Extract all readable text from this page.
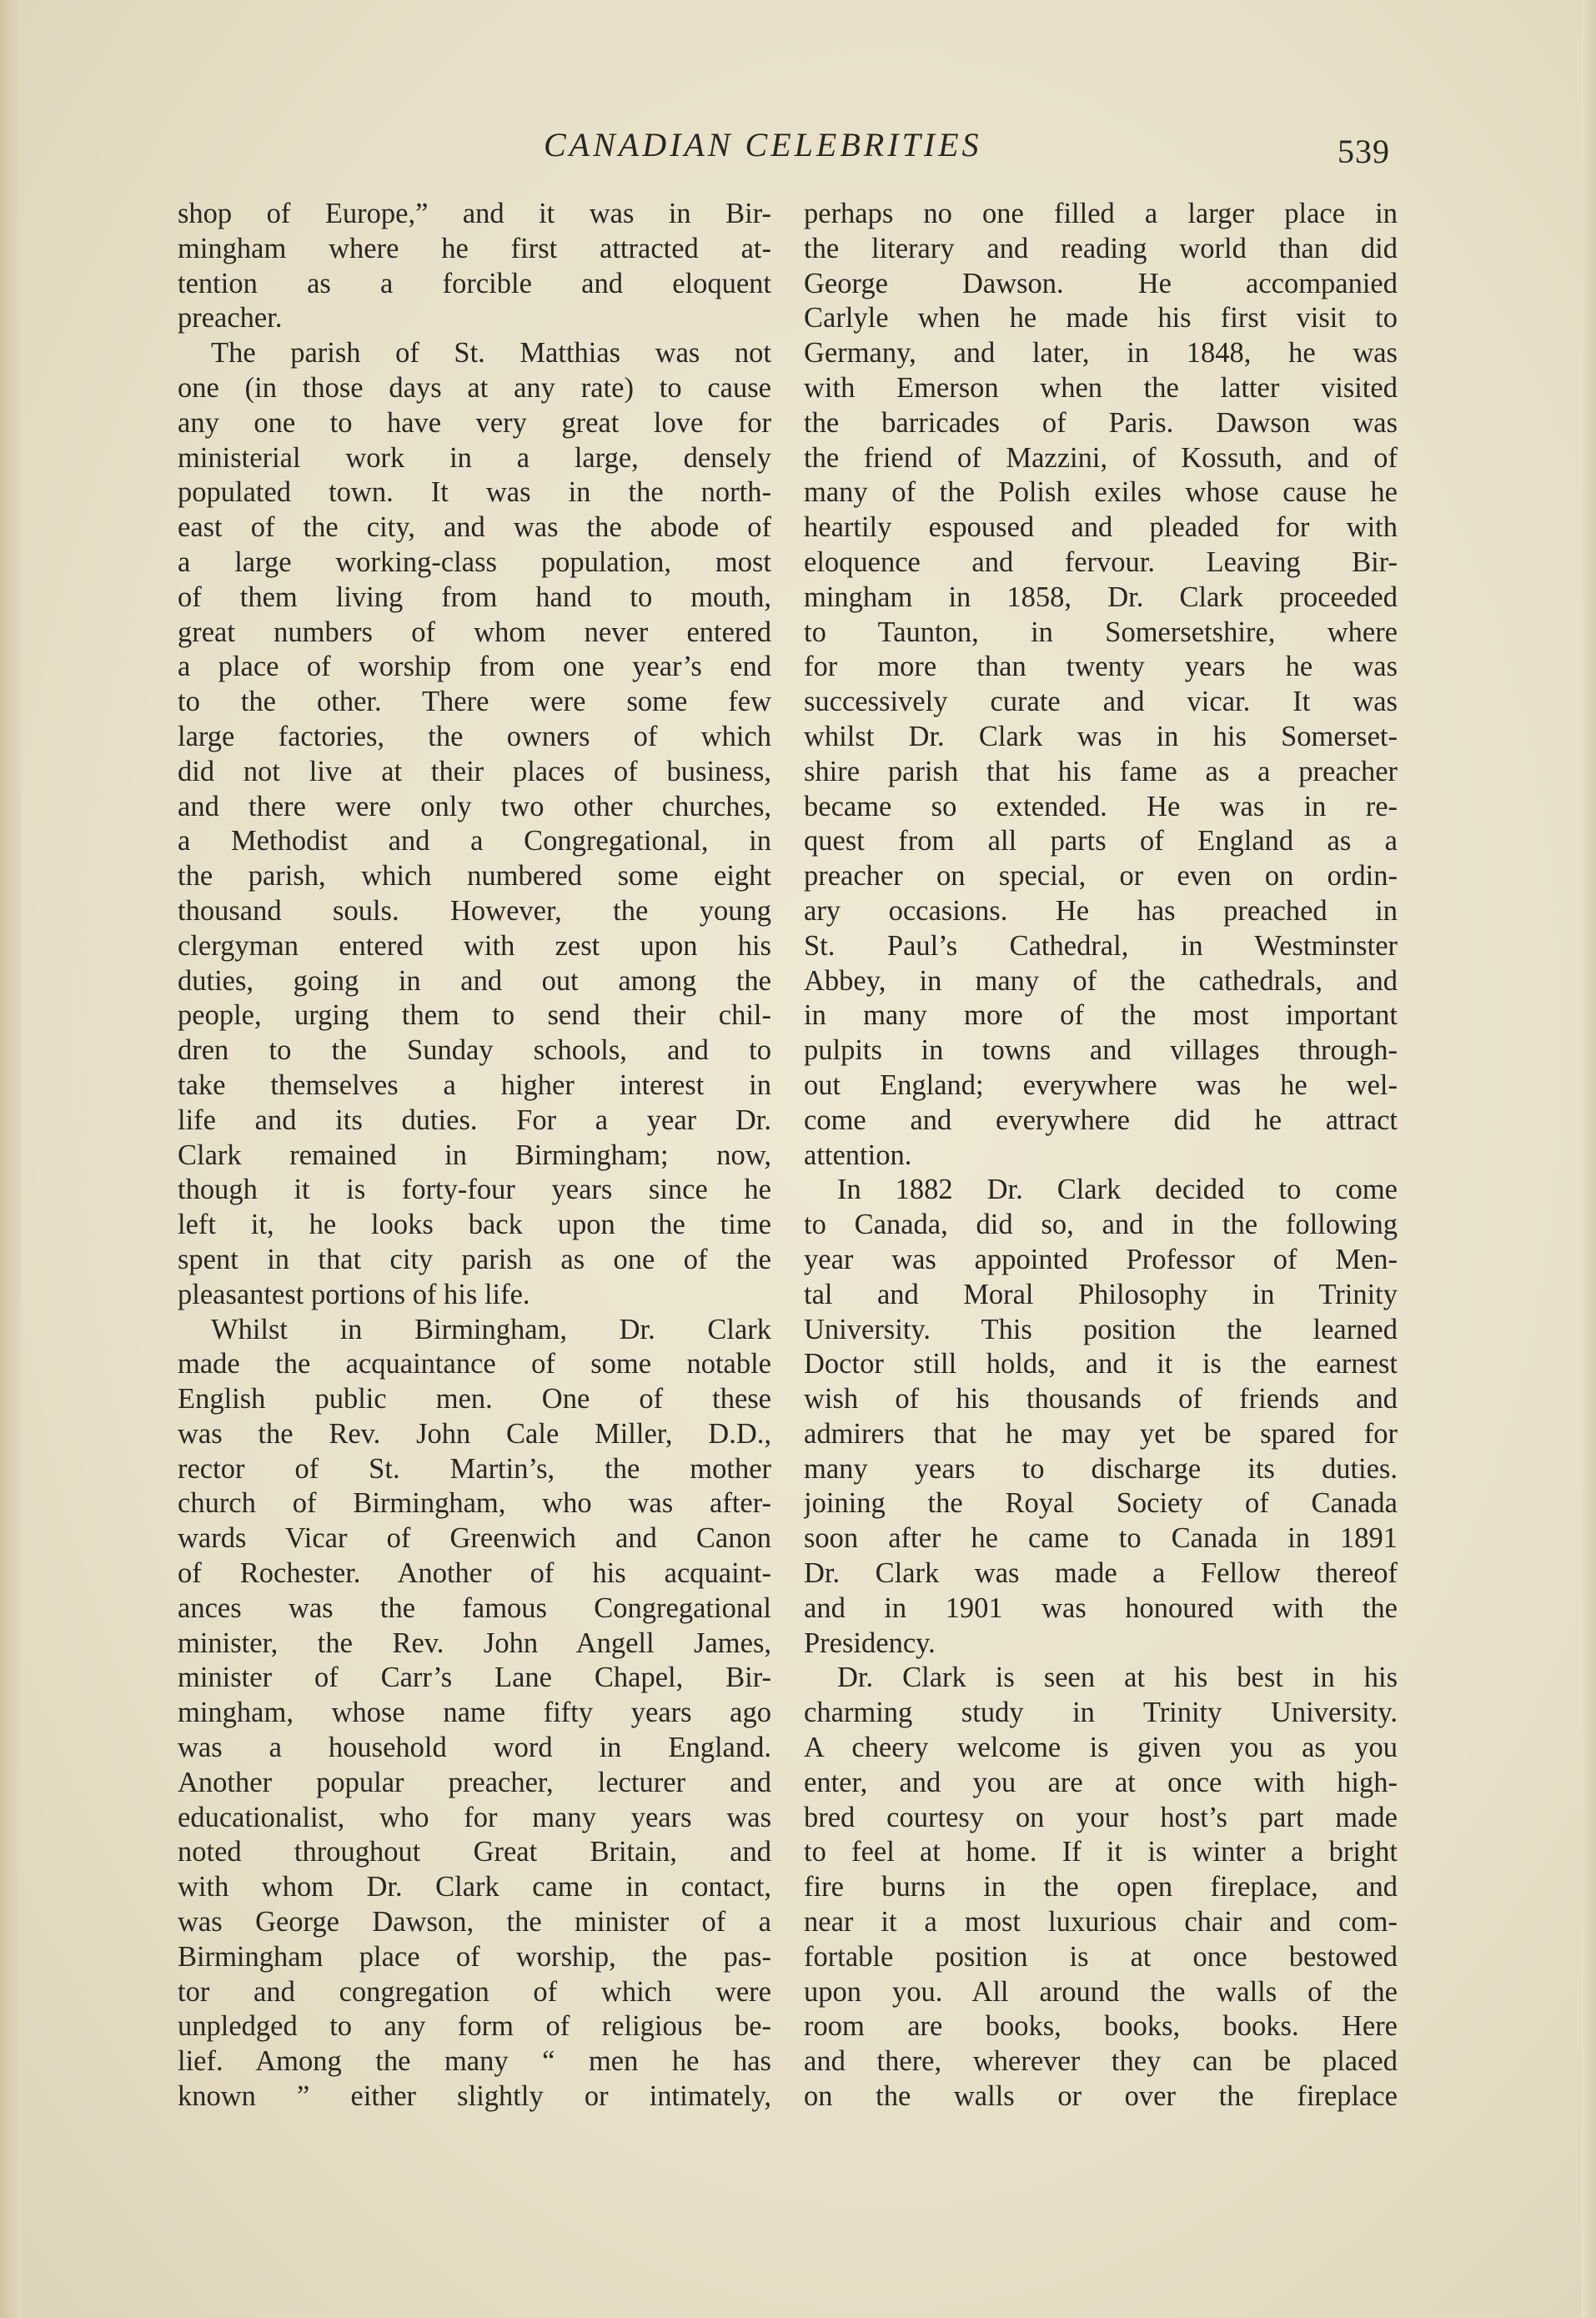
CANADIAN CELEBRITIES	539
shop of Europe,” and it was in Bir-
mingham where he first attracted at-
tention as a forcible and eloquent
preacher.
The parish of St. Matthias was not
one (in those days at any rate) to cause
any one to have very great love for
ministerial work in a large, densely
populated town. It was in the north-
east of the city, and was the abode of
a large working-class population, most
of them living from hand to mouth,
great numbers of whom never entered
a place of worship from one year’s end
to the other. There were some few
large factories, the owners of which
did not live at their places of business,
and there were only two other churches,
a Methodist and a Congregational, in
the parish, which numbered some eight
thousand souls. However, the young
clergyman entered with zest upon his
duties, going in and out among the
people, urging them to send their chil-
dren to the Sunday schools, and to
take themselves a higher interest in
life and its duties. For a year Dr.
Clark remained in Birmingham; now,
though it is forty-four years since he
left it, he looks back upon the time
spent in that city parish as one of the
pleasantest portions of his life.
Whilst in Birmingham, Dr. Clark
made the acquaintance of some notable
English public men. One of these
was the Rev. John Cale Miller, D.D.,
rector of St. Martin’s, the mother
church of Birmingham, who was after-
wards Vicar of Greenwich and Canon
of Rochester. Another of his acquaint-
ances was the famous Congregational
minister, the Rev. John Angell James,
minister of Carr’s Lane Chapel, Bir-
mingham, whose name fifty years ago
was a household word in England.
Another popular preacher, lecturer and
educationalist, who for many years was
noted throughout Great Britain, and
with whom Dr. Clark came in contact,
was George Dawson, the minister of a
Birmingham place of worship, the pas-
tor and congregation of which were
unpledged to any form of religious be-
lief. Among the many “ men he has
known ” either slightly or intimately,
perhaps no one filled a larger place in
the literary and reading world than did
George Dawson. He accompanied
Carlyle when he made his first visit to
Germany, and later, in 1848, he was
with Emerson when the latter visited
the barricades of Paris. Dawson was
the friend of Mazzini, of Kossuth, and of
many of the Polish exiles whose cause he
heartily espoused and pleaded for with
eloquence and fervour. Leaving Bir-
mingham in 1858, Dr. Clark proceeded
to Taunton, in Somersetshire, where
for more than twenty years he was
successively curate and vicar. It was
whilst Dr. Clark was in his Somerset-
shire parish that his fame as a preacher
became so extended. He was in re-
quest from all parts of England as a
preacher on special, or even on ordin-
ary occasions. He has preached in
St. Paul’s Cathedral, in Westminster
Abbey, in many of the cathedrals, and
in many more of the most important
pulpits in towns and villages through-
out England; everywhere was he wel-
come and everywhere did he attract
attention.
In 1882 Dr. Clark decided to come
to Canada, did so, and in the following
year was appointed Professor of Men-
tal and Moral Philosophy in Trinity
University. This position the learned
Doctor still holds, and it is the earnest
wish of his thousands of friends and
admirers that he may yet be spared for
many years to discharge its duties.
joining the Royal Society of Canada
soon after he came to Canada in 1891
Dr. Clark was made a Fellow thereof
and in 1901 was honoured with the
Presidency.
Dr. Clark is seen at his best in his
charming study in Trinity University.
A cheery welcome is given you as you
enter, and you are at once with high-
bred courtesy on your host’s part made
to feel at home. If it is winter a bright
fire burns in the open fireplace, and
near it a most luxurious chair and com-
fortable position is at once bestowed
upon you. All around the walls of the
room are books, books, books. Here
and there, wherever they can be placed
on the walls or over the fireplace
